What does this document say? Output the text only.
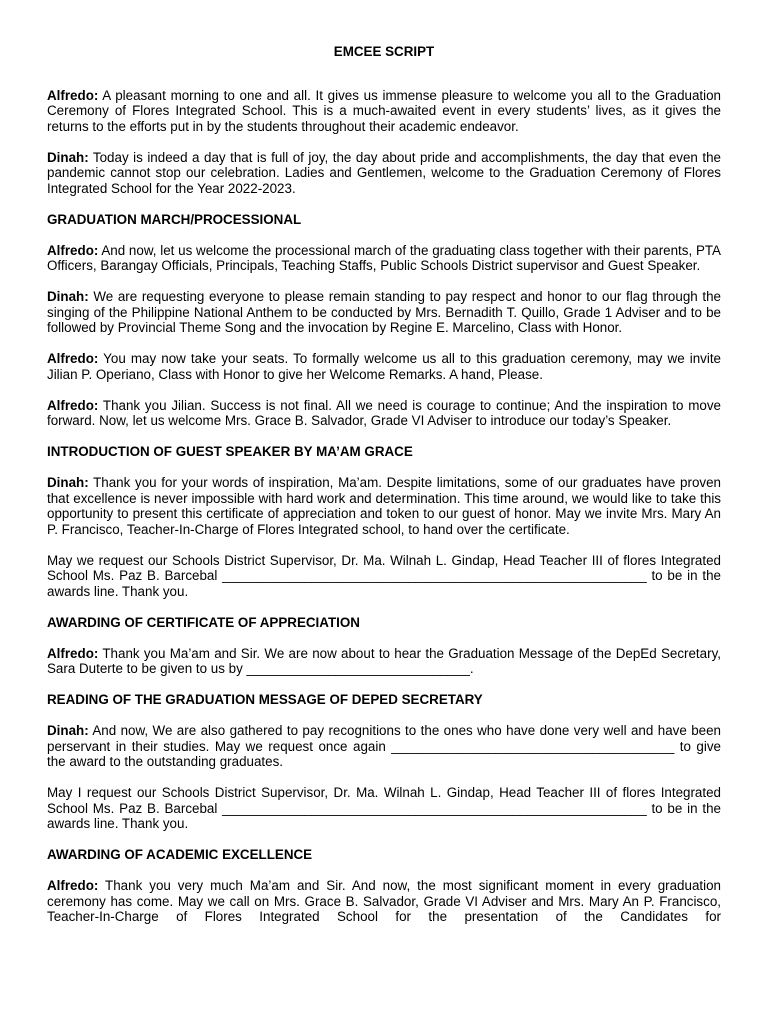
EMCEE SCRIPT

Alfredo: A pleasant morning to one and all. It gives us immense pleasure to welcome you all to the Graduation Ceremony of Flores Integrated School. This is a much-awaited event in every students’ lives, as it gives the returns to the efforts put in by the students throughout their academic endeavor.

Dinah: Today is indeed a day that is full of joy, the day about pride and accomplishments, the day that even the pandemic cannot stop our celebration. Ladies and Gentlemen, welcome to the Graduation Ceremony of Flores Integrated School for the Year 2022-2023.

GRADUATION MARCH/PROCESSIONAL

Alfredo: And now, let us welcome the processional march of the graduating class together with their parents, PTA Officers, Barangay Officials, Principals, Teaching Staffs, Public Schools District supervisor and Guest Speaker.

Dinah: We are requesting everyone to please remain standing to pay respect and honor to our flag through the singing of the Philippine National Anthem to be conducted by Mrs. Bernadith T. Quillo, Grade 1 Adviser and to be followed by Provincial Theme Song and the invocation by Regine E. Marcelino, Class with Honor.

Alfredo: You may now take your seats. To formally welcome us all to this graduation ceremony, may we invite Jilian P. Operiano, Class with Honor to give her Welcome Remarks. A hand, Please.

Alfredo: Thank you Jilian. Success is not final. All we need is courage to continue; And the inspiration to move forward. Now, let us welcome Mrs. Grace B. Salvador, Grade VI Adviser to introduce our today’s Speaker.

INTRODUCTION OF GUEST SPEAKER BY MA’AM GRACE

Dinah: Thank you for your words of inspiration, Ma’am. Despite limitations, some of our graduates have proven that excellence is never impossible with hard work and determination. This time around, we would like to take this opportunity to present this certificate of appreciation and token to our guest of honor. May we invite Mrs. Mary An P. Francisco, Teacher-In-Charge of Flores Integrated school, to hand over the certificate.

May we request our Schools District Supervisor, Dr. Ma. Wilnah L. Gindap, Head Teacher III of flores Integrated School Ms. Paz B. Barcebal _________________________________________________________ to be in the awards line. Thank you.

AWARDING OF CERTIFICATE OF APPRECIATION

Alfredo: Thank you Ma’am and Sir. We are now about to hear the Graduation Message of the DepEd Secretary, Sara Duterte to be given to us by ______________________________.

READING OF THE GRADUATION MESSAGE OF DEPED SECRETARY

Dinah: And now, We are also gathered to pay recognitions to the ones who have done very well and have been perservant in their studies. May we request once again ______________________________________ to give the award to the outstanding graduates.

May I request our Schools District Supervisor, Dr. Ma. Wilnah L. Gindap, Head Teacher III of flores Integrated School Ms. Paz B. Barcebal _________________________________________________________ to be in the awards line. Thank you.

AWARDING OF ACADEMIC EXCELLENCE

Alfredo: Thank you very much Ma’am and Sir. And now, the most significant moment in every graduation ceremony has come. May we call on Mrs. Grace B. Salvador, Grade VI Adviser and Mrs. Mary An P. Francisco, Teacher-In-Charge of Flores Integrated School for the presentation of the Candidates for
